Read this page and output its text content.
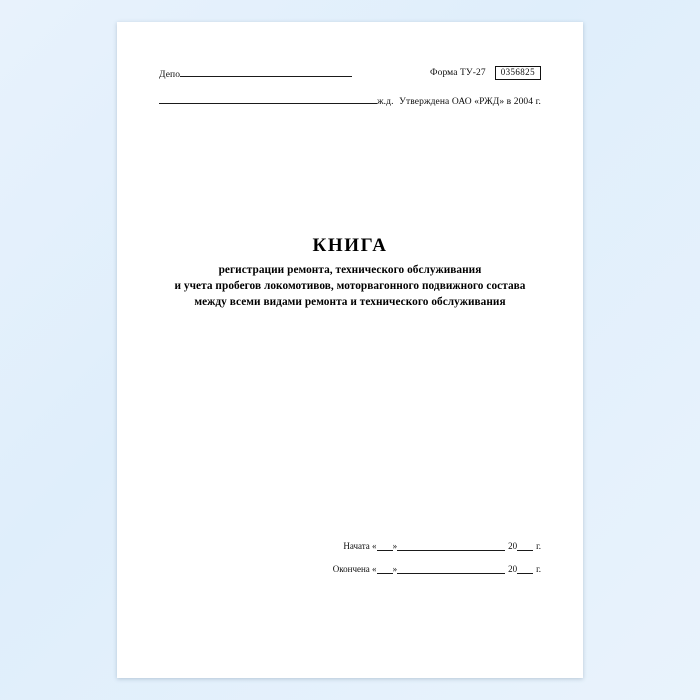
Депо	Форма ТУ-27	0356825
ж.д. Утверждена ОАО «РЖД» в 2004 г.
КНИГА
регистрации ремонта, технического обслуживания
и учета пробегов локомотивов, моторвагонного подвижного состава
между всеми видами ремонта и технического обслуживания
Начата « »	20 г.
Окончена « »	20 г.
